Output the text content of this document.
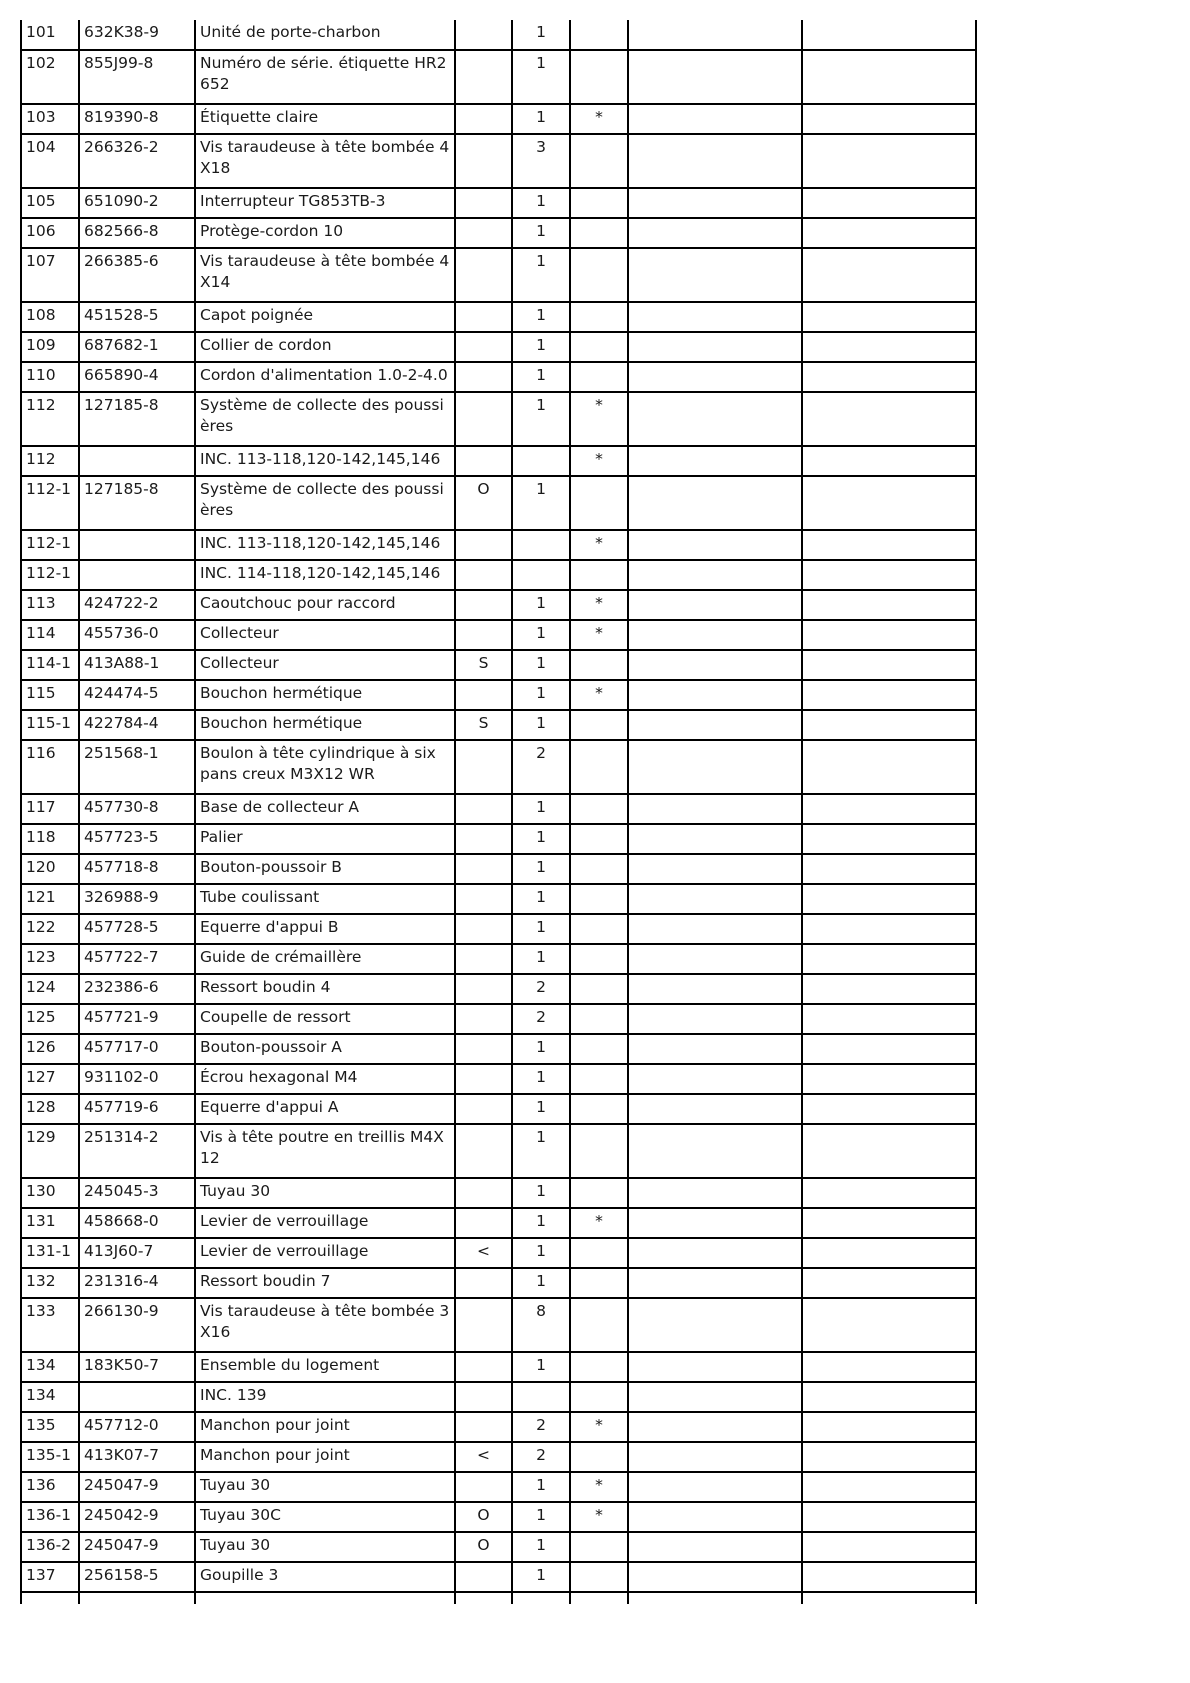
101	632K38-9	Unité de porte-charbon		1			
102	855J99-8	Numéro de série. étiquette HR2652		1			
103	819390-8	Étiquette claire		1	*		
104	266326-2	Vis taraudeuse à tête bombée 4X18		3			
105	651090-2	Interrupteur TG853TB-3		1			
106	682566-8	Protège-cordon 10		1			
107	266385-6	Vis taraudeuse à tête bombée 4X14		1			
108	451528-5	Capot poignée		1			
109	687682-1	Collier de cordon		1			
110	665890-4	Cordon d'alimentation 1.0-2-4.0		1			
112	127185-8	Système de collecte des poussières		1	*		
112		INC. 113-118,120-142,145,146			*		
112-1	127185-8	Système de collecte des poussières	O	1			
112-1		INC. 113-118,120-142,145,146			*		
112-1		INC. 114-118,120-142,145,146					
113	424722-2	Caoutchouc pour raccord		1	*		
114	455736-0	Collecteur		1	*		
114-1	413A88-1	Collecteur	S	1			
115	424474-5	Bouchon hermétique		1	*		
115-1	422784-4	Bouchon hermétique	S	1			
116	251568-1	Boulon à tête cylindrique à six pans creux M3X12 WR		2			
117	457730-8	Base de collecteur A		1			
118	457723-5	Palier		1			
120	457718-8	Bouton-poussoir B		1			
121	326988-9	Tube coulissant		1			
122	457728-5	Equerre d'appui B		1			
123	457722-7	Guide de crémaillère		1			
124	232386-6	Ressort boudin 4		2			
125	457721-9	Coupelle de ressort		2			
126	457717-0	Bouton-poussoir A		1			
127	931102-0	Écrou hexagonal M4		1			
128	457719-6	Equerre d'appui A		1			
129	251314-2	Vis à tête poutre en treillis M4X12		1			
130	245045-3	Tuyau 30		1			
131	458668-0	Levier de verrouillage		1	*		
131-1	413J60-7	Levier de verrouillage	<	1			
132	231316-4	Ressort boudin 7		1			
133	266130-9	Vis taraudeuse à tête bombée 3X16		8			
134	183K50-7	Ensemble du logement		1			
134		INC. 139					
135	457712-0	Manchon pour joint		2	*		
135-1	413K07-7	Manchon pour joint	<	2			
136	245047-9	Tuyau 30		1	*		
136-1	245042-9	Tuyau 30C	O	1	*		
136-2	245047-9	Tuyau 30	O	1			
137	256158-5	Goupille 3		1			
